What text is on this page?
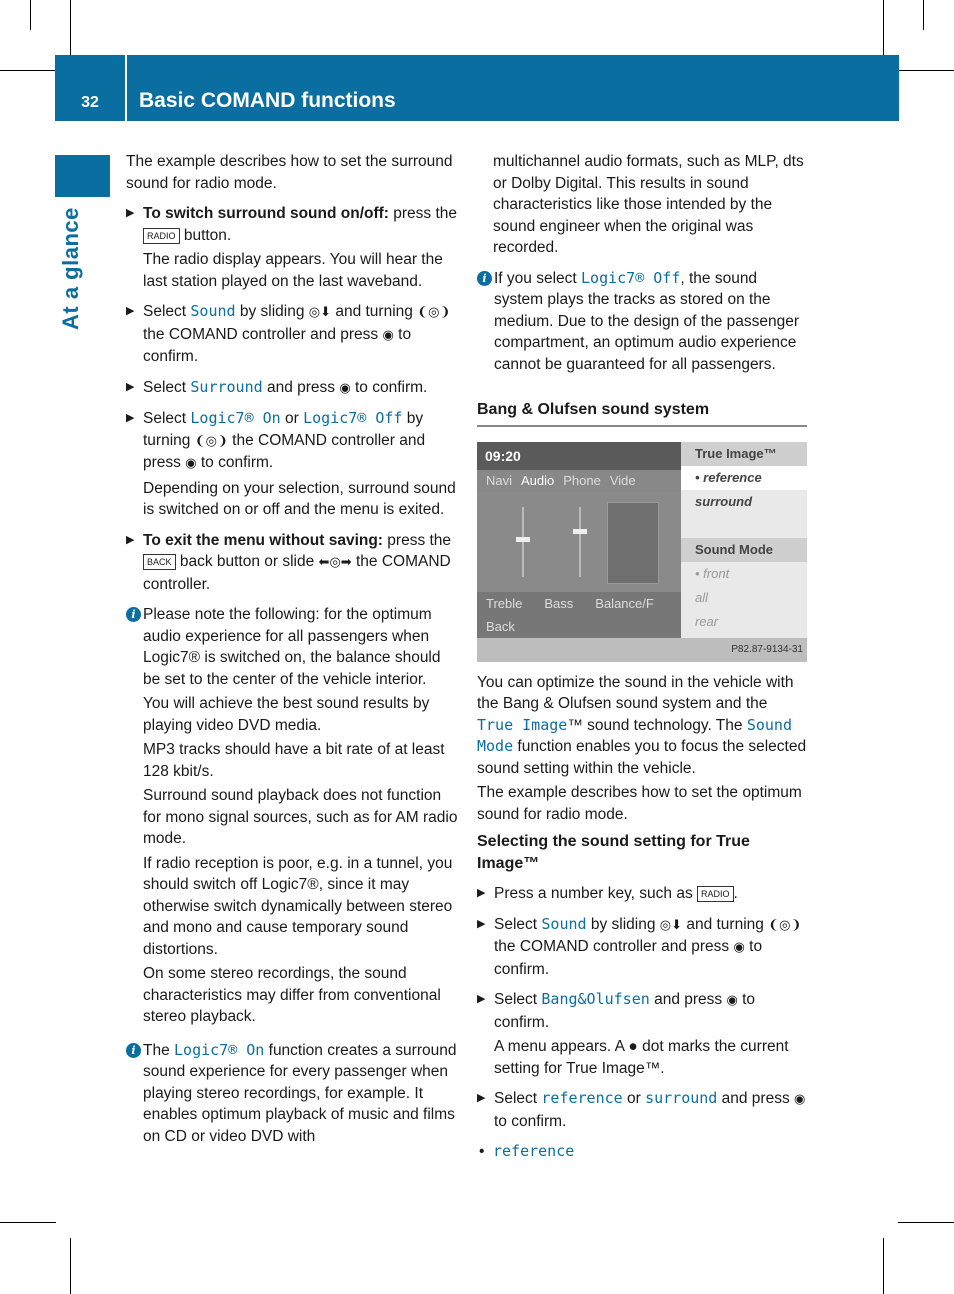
32	Basic COMAND functions
At a glance

The example describes how to set the surround sound for radio mode.

▶ To switch surround sound on/off: press the RADIO button.

The radio display appears. You will hear the last station played on the last waveband.

▶ Select Sound by sliding ◎⬇ and turning ❨◎❩ the COMAND controller and press ◉ to confirm.
▶ Select Surround and press ◉ to confirm.
▶ Select Logic7® On or Logic7® Off by turning ❨◎❩ the COMAND controller and press ◉ to confirm.

Depending on your selection, surround sound is switched on or off and the menu is exited.

▶ To exit the menu without saving: press the BACK back button or slide ⬅◎➡ the COMAND controller.
i Please note the following: for the optimum audio experience for all passengers when Logic7® is switched on, the balance should be set to the center of the vehicle interior.

You will achieve the best sound results by playing video DVD media.

MP3 tracks should have a bit rate of at least 128 kbit/s.

Surround sound playback does not function for mono signal sources, such as for AM radio mode.

If radio reception is poor, e.g. in a tunnel, you should switch off Logic7®, since it may otherwise switch dynamically between stereo and mono and cause temporary sound distortions.

On some stereo recordings, the sound characteristics may differ from conventional stereo playback.

i The Logic7® On function creates a surround sound experience for every passenger when playing stereo recordings, for example. It enables optimum playback of music and films on CD or video DVD with

multichannel audio formats, such as MLP, dts or Dolby Digital. This results in sound characteristics like those intended by the sound engineer when the original was recorded.

i If you select Logic7® Off, the sound system plays the tracks as stored on the medium. Due to the design of the passenger compartment, an optimum audio experience cannot be guaranteed for all passengers.
Bang & Olufsen sound system
09:20
Navi Audio Phone Vide
Treble Bass Balance/F
Back
True Image™
• reference
surround
Sound Mode
• front
all
rear
P82.87-9134-31

You can optimize the sound in the vehicle with the Bang & Olufsen sound system and the True Image™ sound technology. The Sound Mode function enables you to focus the selected sound setting within the vehicle.

The example describes how to set the optimum sound for radio mode.

Selecting the sound setting for True Image™
▶ Press a number key, such as RADIO .
▶ Select Sound by sliding ◎⬇ and turning ❨◎❩ the COMAND controller and press ◉ to confirm.
▶ Select Bang&Olufsen and press ◉ to confirm.

A menu appears. A ● dot marks the current setting for True Image™.

▶ Select reference or surround and press ◉ to confirm.
• reference
